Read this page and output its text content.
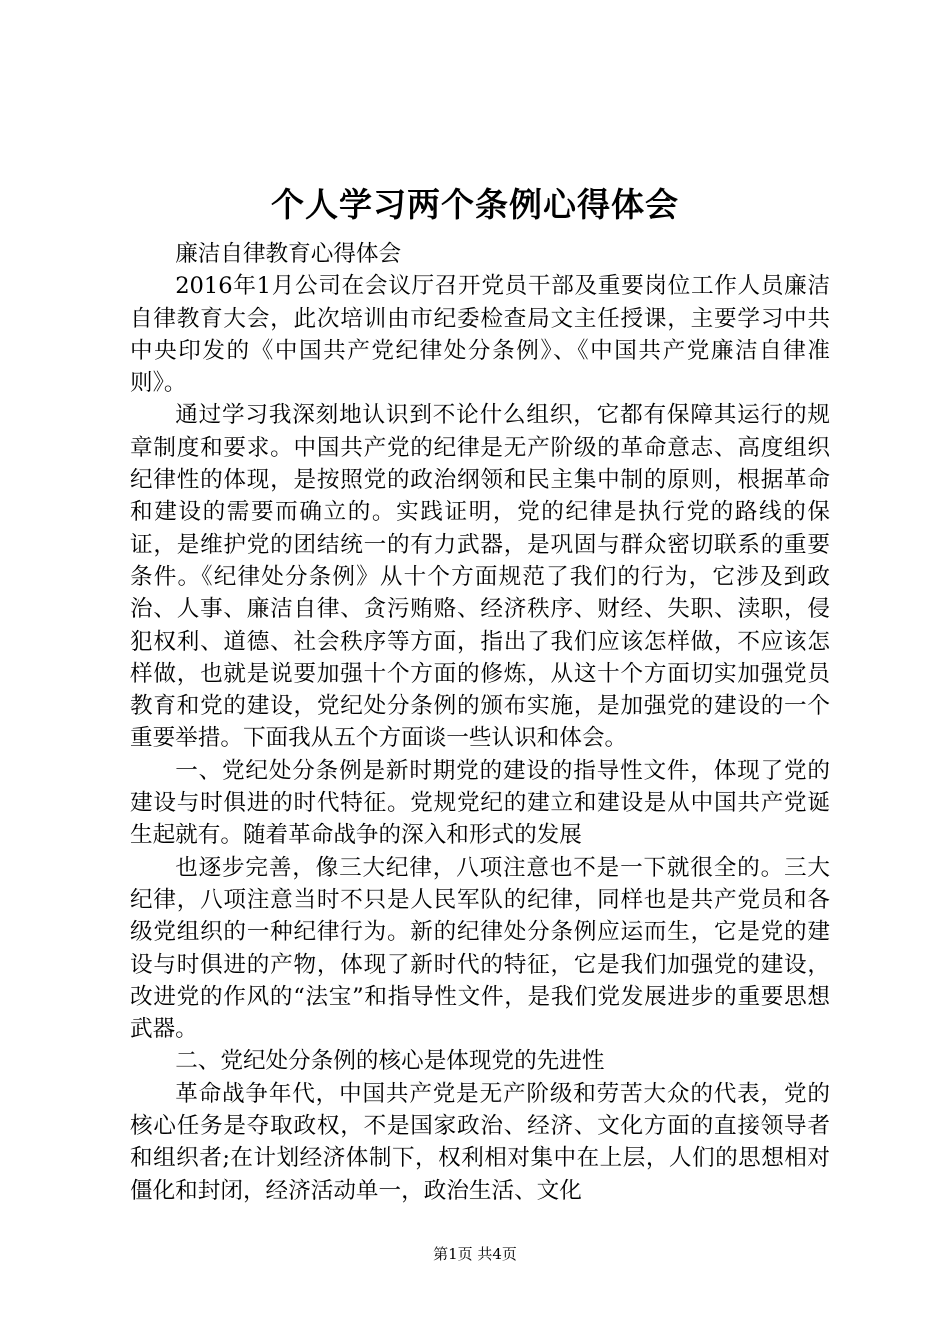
个人学习两个条例心得体会

廉洁自律教育心得体会

2016年1月公司在会议厅召开党员干部及重要岗位工作人员廉洁自律教育大会，此次培训由市纪委检查局文主任授课，主要学习中共中央印发的《中国共产党纪律处分条例》、《中国共产党廉洁自律准则》。

通过学习我深刻地认识到不论什么组织，它都有保障其运行的规章制度和要求。中国共产党的纪律是无产阶级的革命意志、高度组织纪律性的体现，是按照党的政治纲领和民主集中制的原则，根据革命和建设的需要而确立的。实践证明，党的纪律是执行党的路线的保证，是维护党的团结统一的有力武器，是巩固与群众密切联系的重要条件。《纪律处分条例》从十个方面规范了我们的行为，它涉及到政治、人事、廉洁自律、贪污贿赂、经济秩序、财经、失职、渎职，侵犯权利、道德、社会秩序等方面，指出了我们应该怎样做，不应该怎样做，也就是说要加强十个方面的修炼，从这十个方面切实加强党员教育和党的建设，党纪处分条例的颁布实施，是加强党的建设的一个重要举措。下面我从五个方面谈一些认识和体会。

一、党纪处分条例是新时期党的建设的指导性文件，体现了党的建设与时俱进的时代特征。党规党纪的建立和建设是从中国共产党诞生起就有。随着革命战争的深入和形式的发展

也逐步完善，像三大纪律，八项注意也不是一下就很全的。三大纪律，八项注意当时不只是人民军队的纪律，同样也是共产党员和各级党组织的一种纪律行为。新的纪律处分条例应运而生，它是党的建设与时俱进的产物，体现了新时代的特征，它是我们加强党的建设，改进党的作风的“法宝”和指导性文件，是我们党发展进步的重要思想武器。

二、党纪处分条例的核心是体现党的先进性

革命战争年代，中国共产党是无产阶级和劳苦大众的代表，党的核心任务是夺取政权，不是国家政治、经济、文化方面的直接领导者和组织者;在计划经济体制下，权利相对集中在上层，人们的思想相对僵化和封闭，经济活动单一，政治生活、文化

第1页 共4页
